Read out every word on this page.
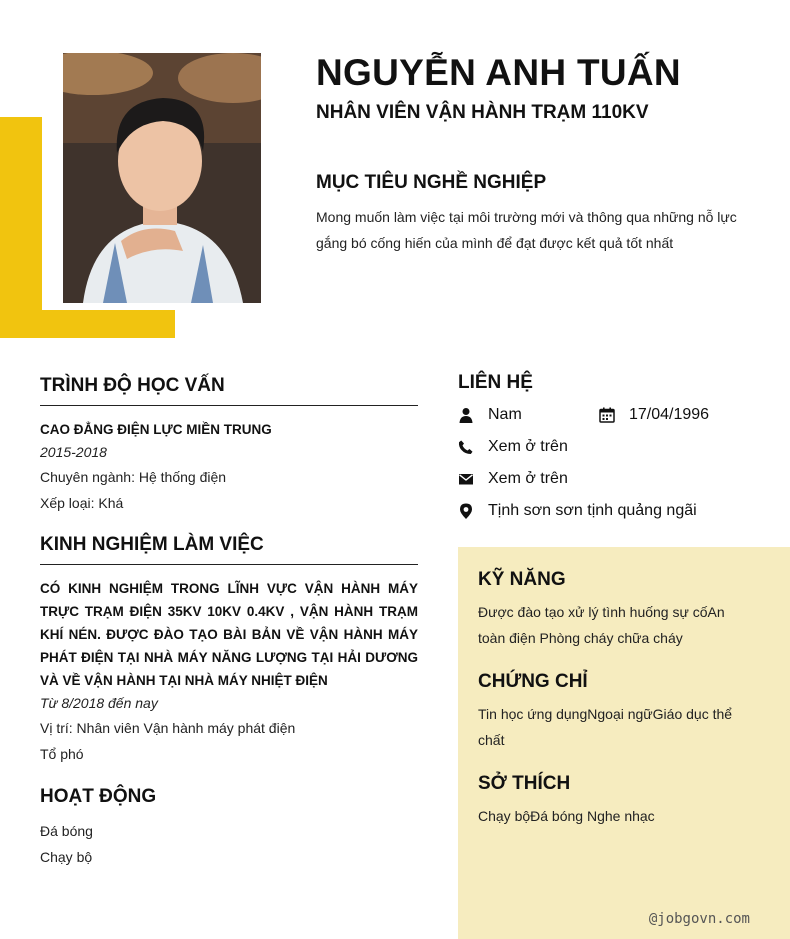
NGUYỄN ANH TUẤN
NHÂN VIÊN VẬN HÀNH TRẠM 110KV
MỤC TIÊU NGHỀ NGHIỆP

Mong muốn làm việc tại môi trường mới và thông qua những nỗ lực gắng bó cống hiến của mình để đạt được kết quả tốt nhất

TRÌNH ĐỘ HỌC VẤN
CAO ĐẲNG ĐIỆN LỰC MIỀN TRUNG
2015-2018
Chuyên ngành: Hệ thống điện
Xếp loại: Khá
KINH NGHIỆM LÀM VIỆC
CÓ KINH NGHIỆM TRONG LĨNH VỰC VẬN HÀNH MÁY TRỰC TRẠM ĐIỆN 35KV 10KV 0.4KV , VẬN HÀNH TRẠM KHÍ NÉN. ĐƯỢC ĐÀO TẠO BÀI BẢN VỀ VẬN HÀNH MÁY PHÁT ĐIỆN TẠI NHÀ MÁY NĂNG LƯỢNG TẠI HẢI DƯƠNG VÀ VỀ VẬN HÀNH TẠI NHÀ MÁY NHIỆT ĐIỆN
Từ 8/2018 đến nay
Vị trí: Nhân viên Vận hành máy phát điện
Tổ phó
HOẠT ĐỘNG
Đá bóng
Chạy bộ
LIÊN HỆ
Nam	17/04/1996
Xem ở trên
Xem ở trên
Tịnh sơn sơn tịnh quảng ngãi
KỸ NĂNG

Được đào tạo xử lý tình huống sự cốAn toàn điện Phòng cháy chữa cháy

CHỨNG CHỈ

Tin học ứng dụngNgoại ngữGiáo dục thể chất

SỞ THÍCH

Chạy bộĐá bóng Nghe nhạc

@jobgovn.com
